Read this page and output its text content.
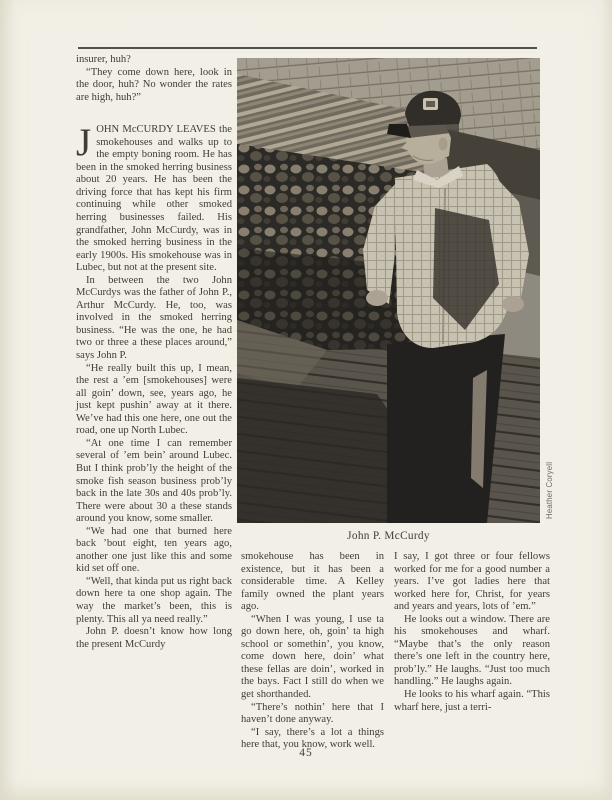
insurer, huh?

“They come down here, look in the door, huh? No wonder the rates are high, huh?”

JOHN McCURDY LEAVES the smokehouses and walks up to the empty boning room. He has been in the smoked herring business about 20 years. He has been the driving force that has kept his firm continuing while other smoked herring businesses failed. His grandfather, John McCurdy, was in the smoked herring business in the early 1900s. His smokehouse was in Lubec, but not at the present site.

In between the two John McCurdys was the father of John P., Arthur McCurdy. He, too, was involved in the smoked herring business. “He was the one, he had two or three a these places around,” says John P.

“He really built this up, I mean, the rest a ’em [smokehouses] were all goin’ down, see, years ago, he just kept pushin’ away at it there. We’ve had this one here, one out the road, one up North Lubec.

“At one time I can remember several of ’em bein’ around Lubec. But I think prob’ly the height of the smoke fish season business prob’ly back in the late 30s and 40s prob’ly. There were about 30 a these stands around you know, some smaller.

“We had one that burned here back ’bout eight, ten years ago, another one just like this and some kid set off one.

“Well, that kinda put us right back down here ta one shop again. The way the market’s been, this is plenty. This all ya need really.”

John P. doesn’t know how long the present McCurdy

John P. McCurdy
Heather Coryell

smokehouse has been in existence, but it has been a considerable time. A Kelley family owned the plant years ago.

“When I was young, I use ta go down here, oh, goin’ ta high school or somethin’, you know, come down here, doin’ what these fellas are doin’, worked in the bays. Fact I still do when we get shorthanded.

“There’s nothin’ here that I haven’t done anyway.

“I say, there’s a lot a things here that, you know, work well.

I say, I got three or four fellows worked for me for a good number a years. I’ve got ladies here that worked here for, Christ, for years and years and years, lots of ’em.”

He looks out a window. There are his smokehouses and wharf. “Maybe that’s the only reason there’s one left in the country here, prob’ly.” He laughs. “Just too much handling.” He laughs again.

He looks to his wharf again. “This wharf here, just a terri-

45
